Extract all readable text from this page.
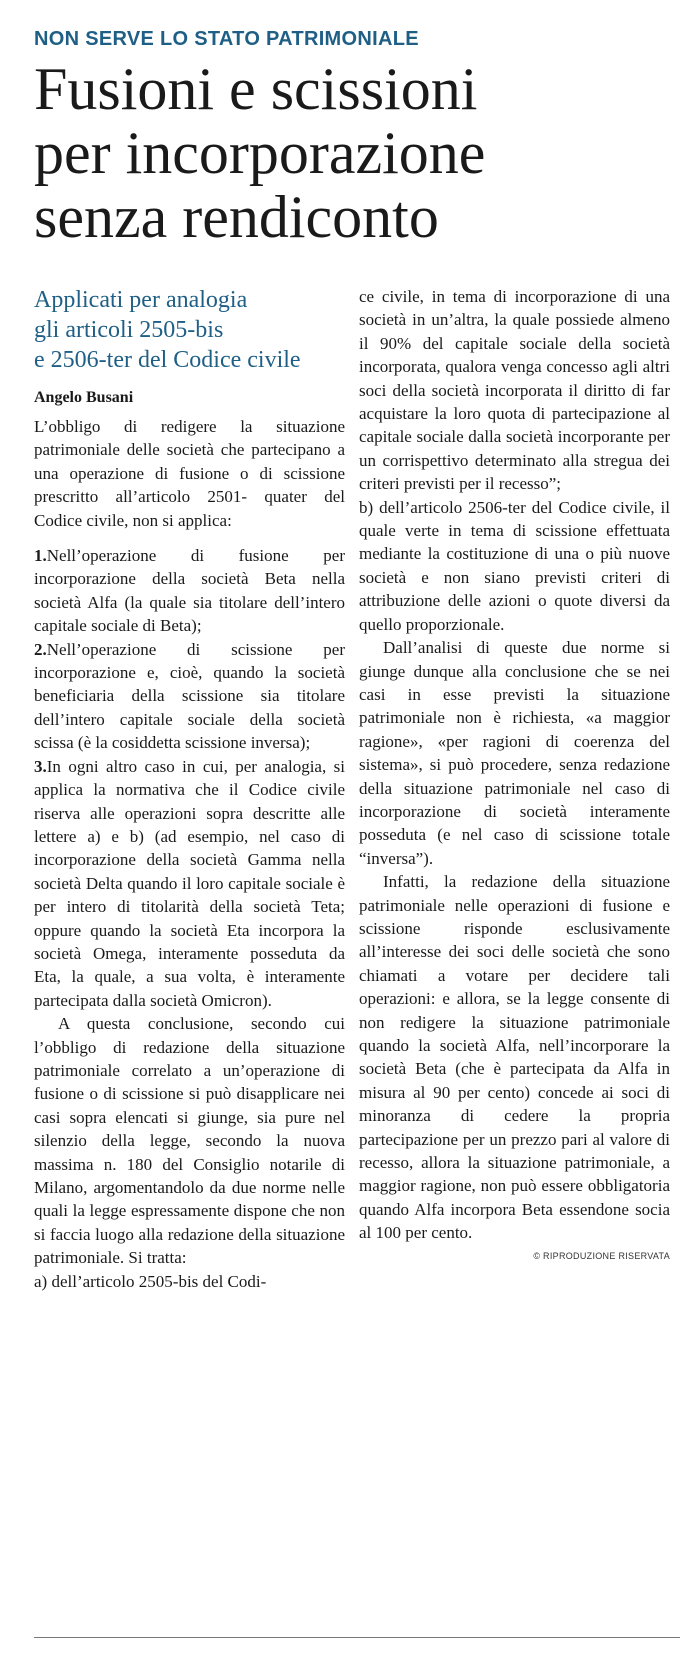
NON SERVE LO STATO PATRIMONIALE
Fusioni e scissioni
per incorporazione
senza rendiconto
Applicati per analogia
gli articoli 2505-bis
e 2506-ter del Codice civile
Angelo Busani

L’obbligo di redigere la situazione patrimoniale delle società che partecipano a una operazione di fusione o di scissione prescritto all’articolo 2501- quater del Codice civile, non si applica:

1.Nell’operazione di fusione per incorporazione della società Beta nella società Alfa (la quale sia titolare dell’intero capitale sociale di Beta);

2.Nell’operazione di scissione per incorporazione e, cioè, quando la società beneficiaria della scissione sia titolare dell’intero capitale sociale della società scissa (è la cosiddetta scissione inversa);

3.In ogni altro caso in cui, per analogia, si applica la normativa che il Codice civile riserva alle operazioni sopra descritte alle lettere a) e b) (ad esempio, nel caso di incorporazione della società Gamma nella società Delta quando il loro capitale sociale è per intero di titolarità della società Teta; oppure quando la società Eta incorpora la società Omega, interamente posseduta da Eta, la quale, a sua volta, è interamente partecipata dalla società Omicron).

A questa conclusione, secondo cui l’obbligo di redazione della situazione patrimoniale correlato a un’operazione di fusione o di scissione si può disapplicare nei casi sopra elencati si giunge, sia pure nel silenzio della legge, secondo la nuova massima n. 180 del Consiglio notarile di Milano, argomentandolo da due norme nelle quali la legge espressamente dispone che non si faccia luogo alla redazione della situazione patrimoniale. Si tratta:

a) dell’articolo 2505-bis del Codi-

ce civile, in tema di incorporazione di una società in un’altra, la quale possiede almeno il 90% del capitale sociale della società incorporata, qualora venga concesso agli altri soci della società incorporata il diritto di far acquistare la loro quota di partecipazione al capitale sociale dalla società incorporante per un corrispettivo determinato alla stregua dei criteri previsti per il recesso”;

b) dell’articolo 2506-ter del Codice civile, il quale verte in tema di scissione effettuata mediante la costituzione di una o più nuove società e non siano previsti criteri di attribuzione delle azioni o quote diversi da quello proporzionale.

Dall’analisi di queste due norme si giunge dunque alla conclusione che se nei casi in esse previsti la situazione patrimoniale non è richiesta, «a maggior ragione», «per ragioni di coerenza del sistema», si può procedere, senza redazione della situazione patrimoniale nel caso di incorporazione di società interamente posseduta (e nel caso di scissione totale “inversa”).

Infatti, la redazione della situazione patrimoniale nelle operazioni di fusione e scissione risponde esclusivamente all’interesse dei soci delle società che sono chiamati a votare per decidere tali operazioni: e allora, se la legge consente di non redigere la situazione patrimoniale quando la società Alfa, nell’incorporare la società Beta (che è partecipata da Alfa in misura al 90 per cento) concede ai soci di minoranza di cedere la propria partecipazione per un prezzo pari al valore di recesso, allora la situazione patrimoniale, a maggior ragione, non può essere obbligatoria quando Alfa incorpora Beta essendone socia al 100 per cento.

© RIPRODUZIONE RISERVATA
